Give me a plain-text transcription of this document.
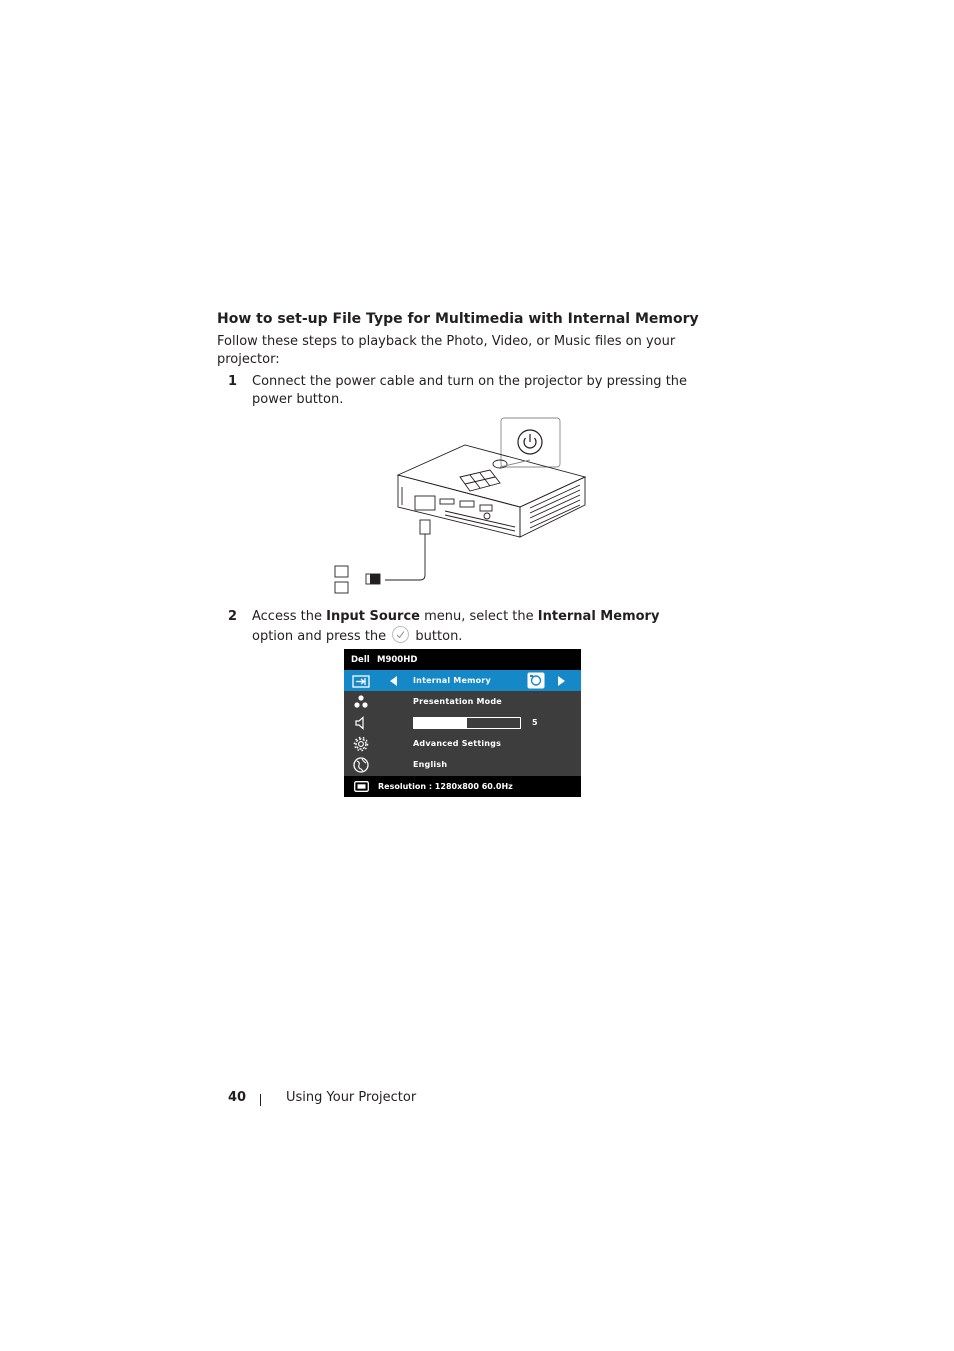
How to set-up File Type for Multimedia with Internal Memory
Follow these steps to playback the Photo, Video, or Music files on your projector:
1 Connect the power cable and turn on the projector by pressing the power button.
2 Access the Input Source menu, select the Internal Memory option and press the
button.
Dell M900HD
Internal Memory
Presentation Mode
5
Advanced Settings
English
Resolution : 1280x800 60.0Hz
40	Using Your Projector
